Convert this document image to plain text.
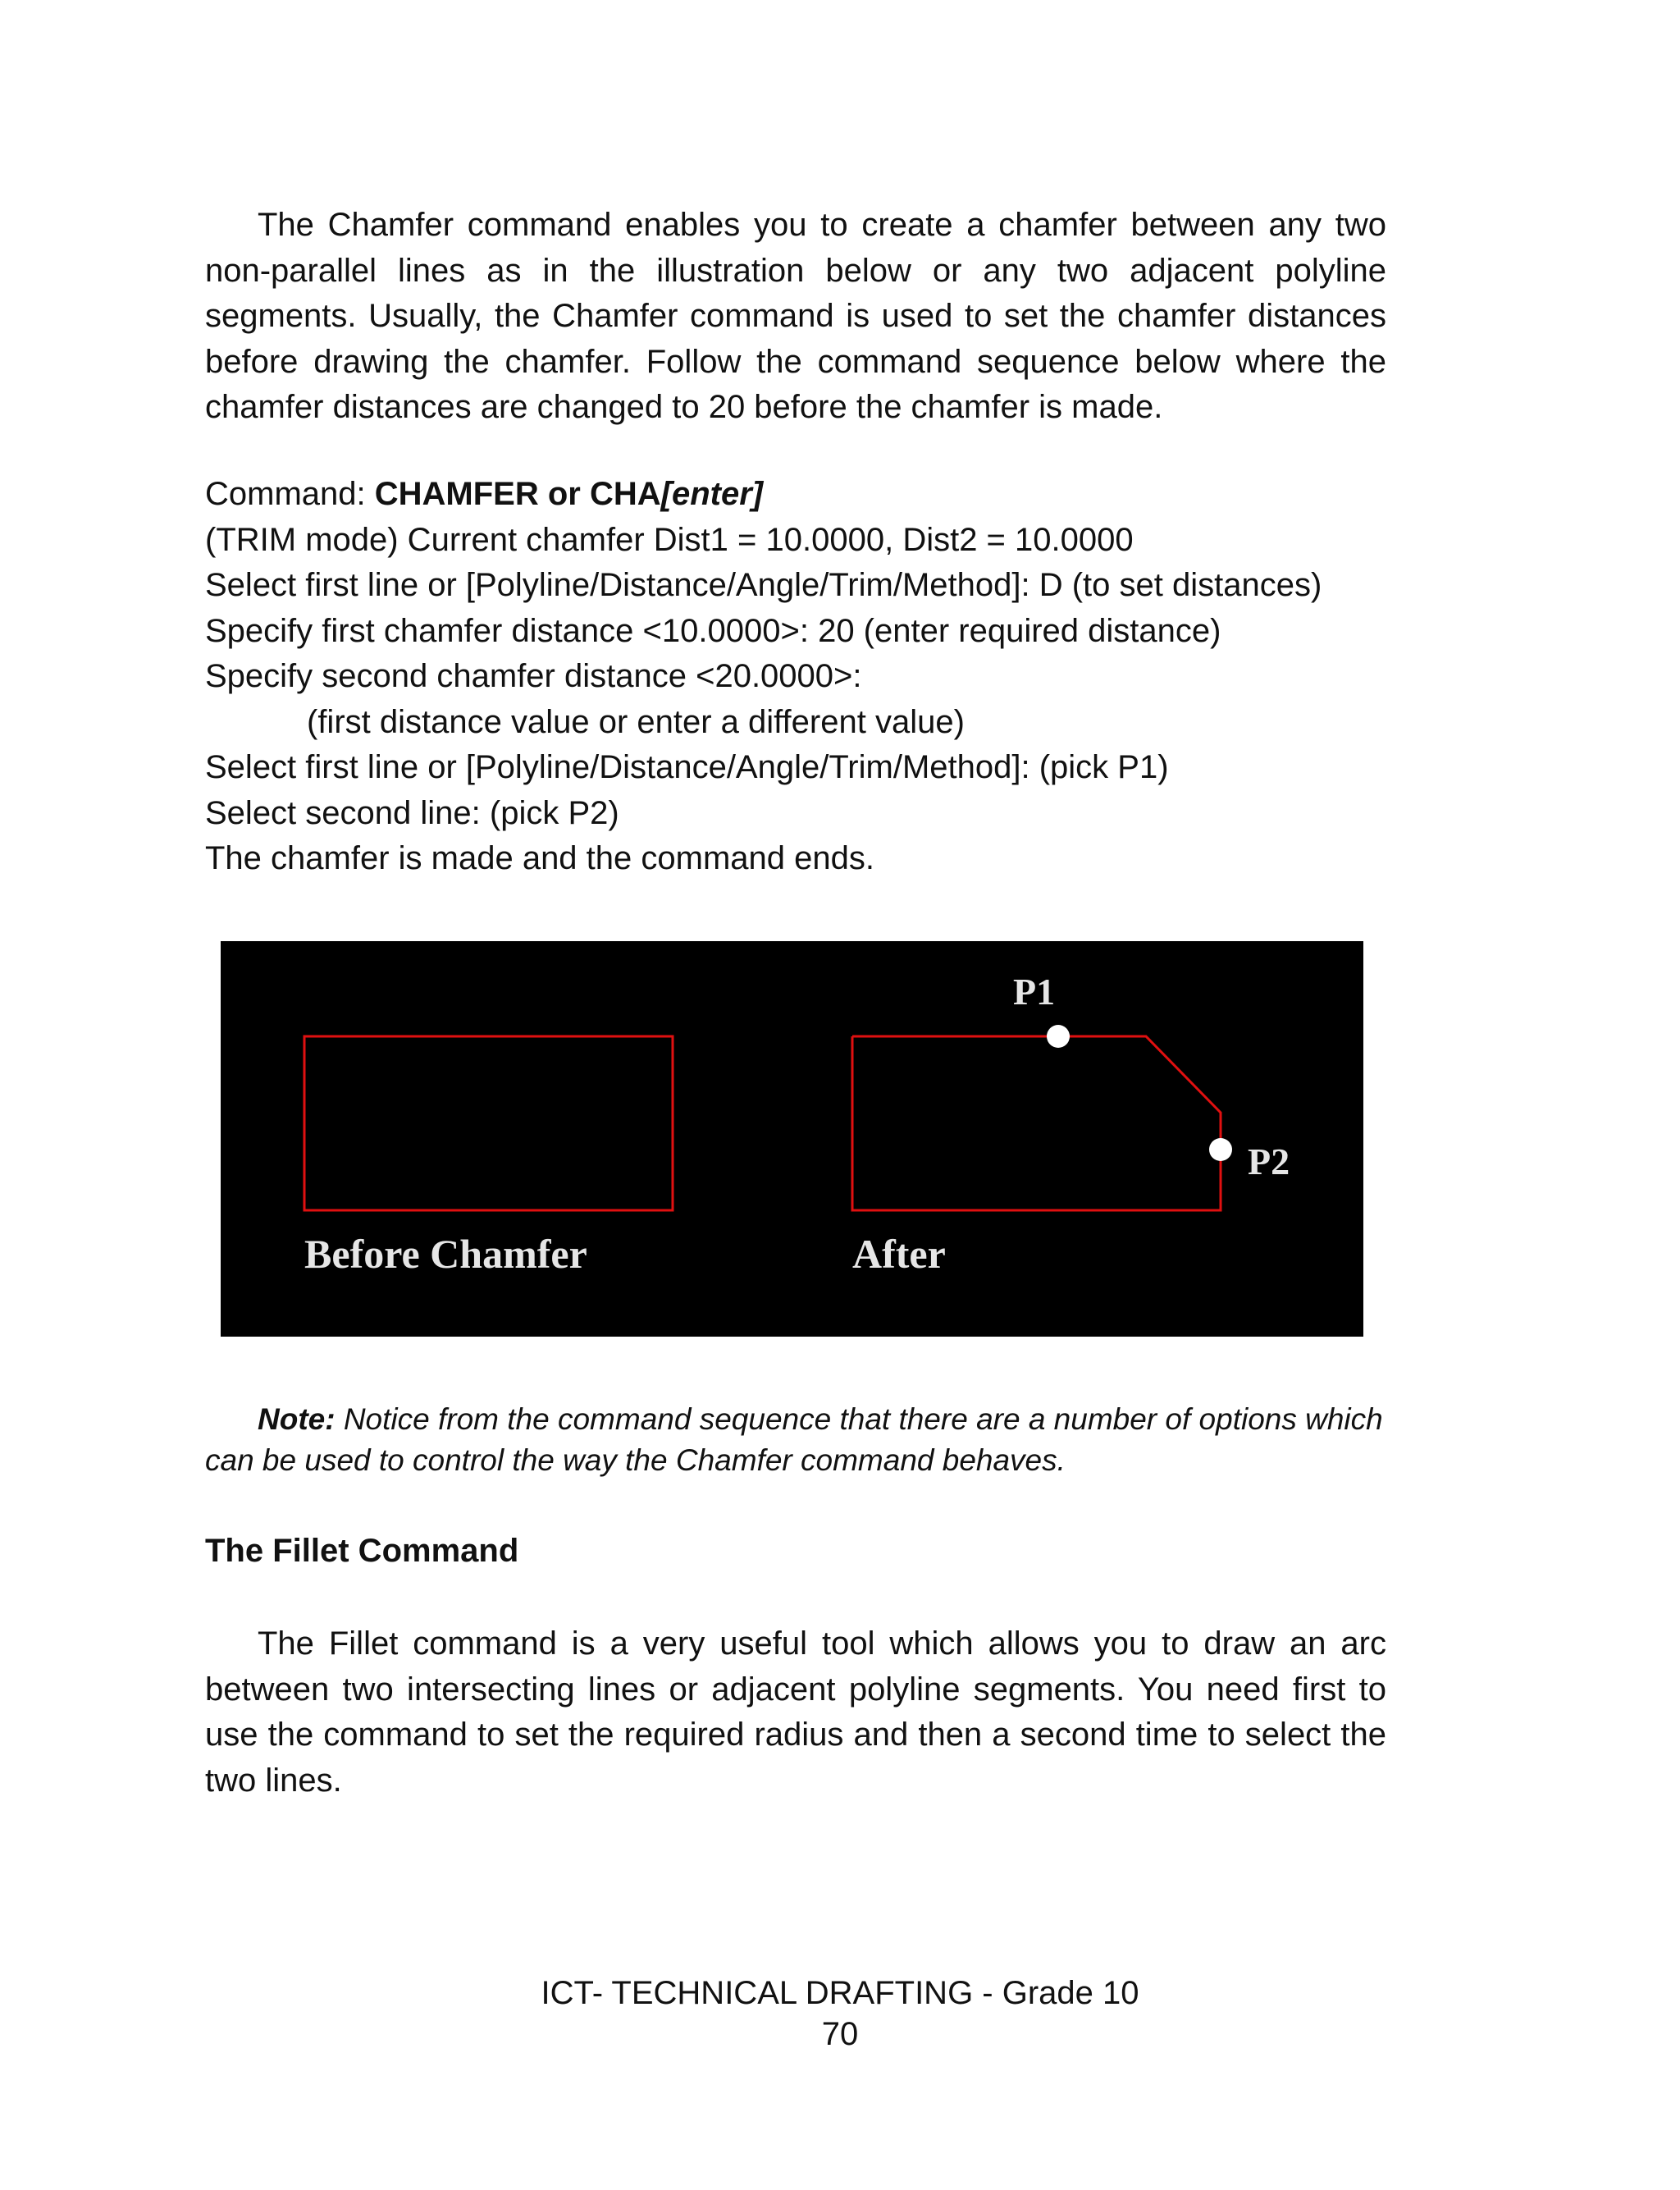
The Chamfer command enables you to create a chamfer between any two non-parallel lines as in the illustration below or any two adjacent polyline segments. Usually, the Chamfer command is used to set the chamfer distances before drawing the chamfer. Follow the command sequence below where the chamfer distances are changed to 20 before the chamfer is made.

Command: CHAMFER or CHA[enter]
(TRIM mode) Current chamfer Dist1 = 10.0000, Dist2 = 10.0000
Select first line or [Polyline/Distance/Angle/Trim/Method]: D (to set distances)
Specify first chamfer distance <10.0000>: 20 (enter required distance)
Specify second chamfer distance <20.0000>:
(first distance value or enter a different value)
Select first line or [Polyline/Distance/Angle/Trim/Method]: (pick P1)
Select second line: (pick P2)
The chamfer is made and the command ends.
P1
P2
Before Chamfer	After

Note: Notice from the command sequence that there are a number of options which can be used to control the way the Chamfer command behaves.

The Fillet Command

The Fillet command is a very useful tool which allows you to draw an arc between two intersecting lines or adjacent polyline segments. You need first to use the command to set the required radius and then a second time to select the two lines.

ICT- TECHNICAL DRAFTING - Grade 10
70
